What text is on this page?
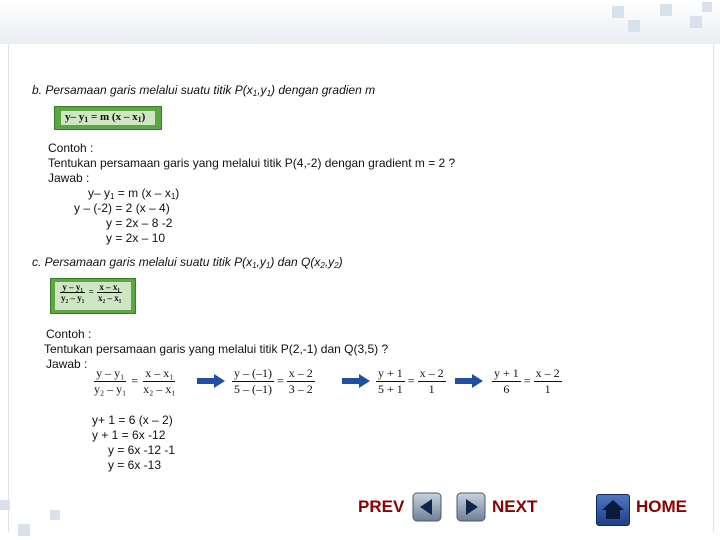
b. Persamaan garis melalui suatu titik $P(x_1,y_1)$ dengan gradien m
y– $y_1 = m$ $(x - x_1)$
Contoh :
Tentukan persamaan garis yang melalui titik P(4,-2) dengan gradient m = 2 ?
Jawab :
y– $y_1 = m$ $(x - x_1)$
y – (-2) = 2 (x – 4)
y = 2x – 8 -2
y = 2x – 10
c. Persamaan garis melalui suatu titik $P(x_1,y_1)$ dan $Q(x_2,y_2)$
$\frac{\text{y – y₁}}{\text{y₂ – y₁}} = \frac{\text{x – x₁}}{\text{x₂ – x₁}}$
Contoh :
Tentukan persamaan garis yang melalui titik P(2,-1) dan Q(3,5) ?
Jawab :
$\frac{\text{y – y₁}}{\text{y₂ – y₁}} = \frac{\text{x – x₁}}{\text{x₂ – x₁}}$	$\frac{y - (-1)}{5 - (-1)} = \frac{x - 2}{3 - 2}$	$\frac{y + 1}{5 + 1} = \frac{x - 2}{1}$	$\frac{y + 1}{6} = \frac{x - 2}{1}$
y+ 1 = 6 (x – 2)
y + 1 = 6x -12
y = 6x -12 -1
y = 6x -13
PREV	NEXT	HOME
